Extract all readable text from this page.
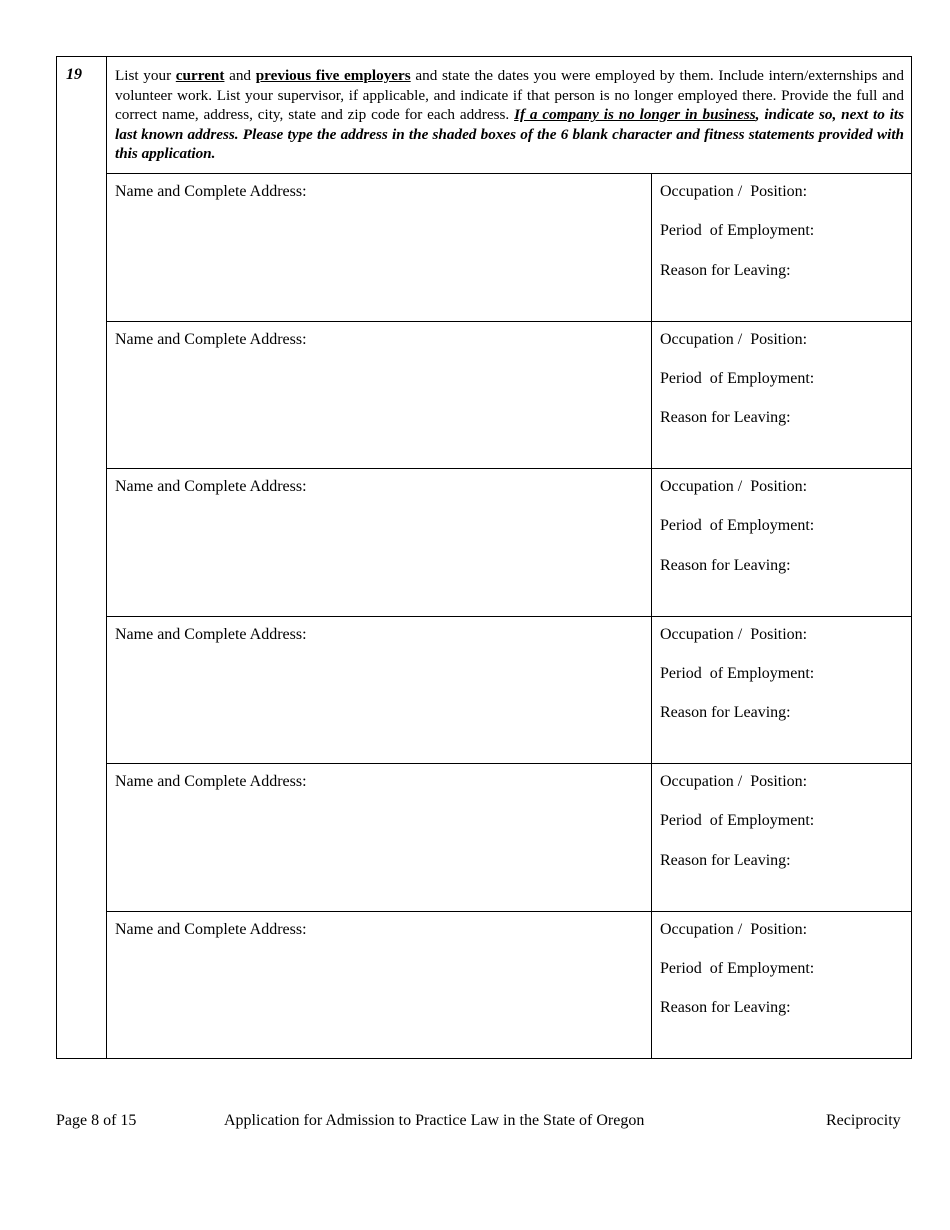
19	List your current and previous five employers and state the dates you were employed by them. Include intern/externships and volunteer work. List your supervisor, if applicable, and indicate if that person is no longer employed there. Provide the full and correct name, address, city, state and zip code for each address. If a company is no longer in business, indicate so, next to its last known address. Please type the address in the shaded boxes of the 6 blank character and fitness statements provided with this application.
Name and Complete Address:	Occupation /  Position:
Period  of Employment:
Reason for Leaving:
Name and Complete Address:	Occupation /  Position:
Period  of Employment:
Reason for Leaving:
Name and Complete Address:	Occupation /  Position:
Period  of Employment:
Reason for Leaving:
Name and Complete Address:	Occupation /  Position:
Period  of Employment:
Reason for Leaving:
Name and Complete Address:	Occupation /  Position:
Period  of Employment:
Reason for Leaving:
Name and Complete Address:	Occupation /  Position:
Period  of Employment:
Reason for Leaving:
Page 8 of 15	Application for Admission to Practice Law in the State of Oregon	Reciprocity
